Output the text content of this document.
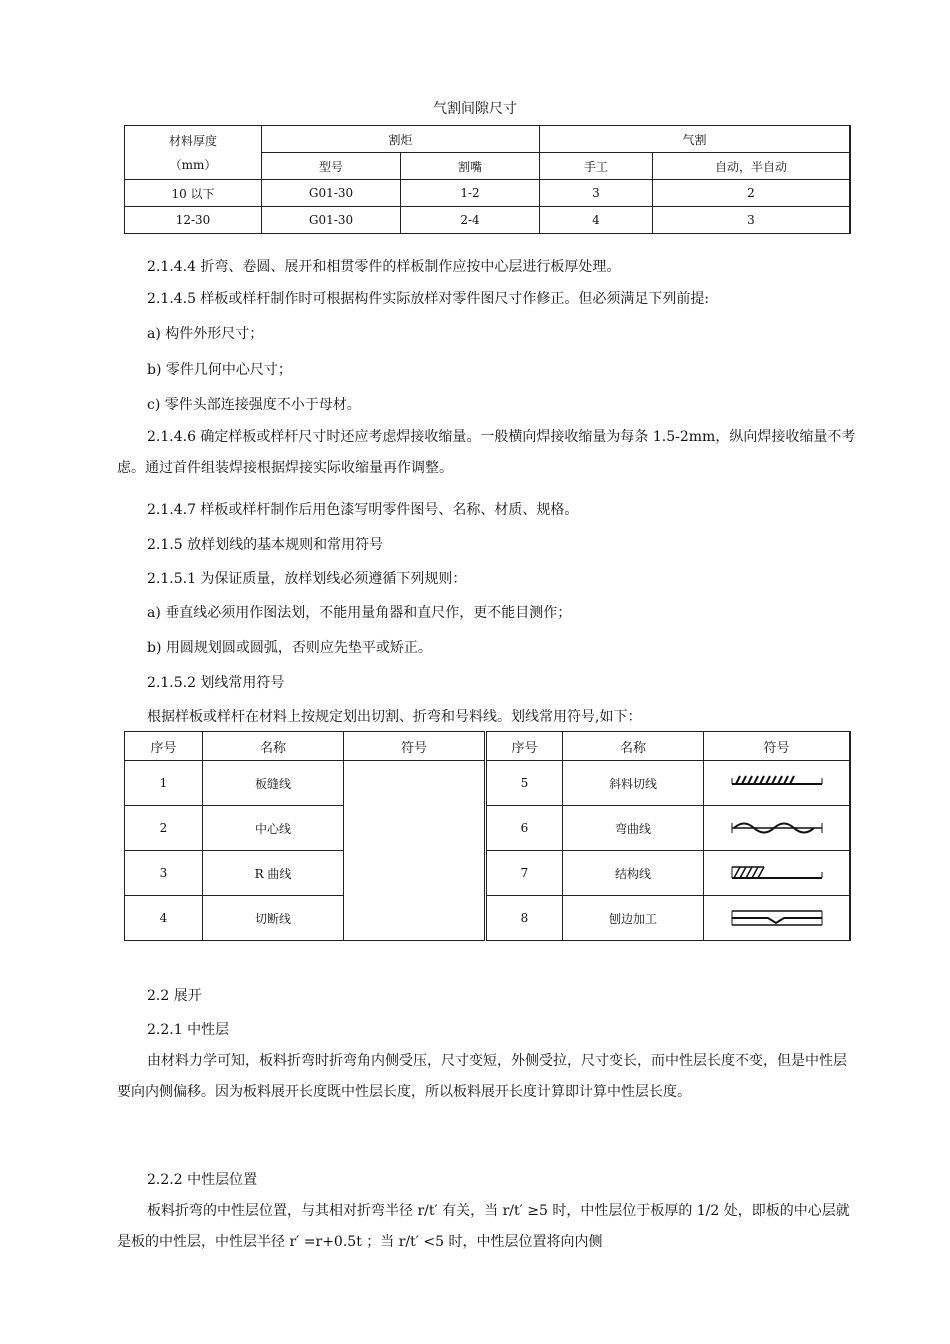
气割间隙尺寸
材料厚度
（mm）	割炬		气割	
	型号	割嘴	手工	自动，半自动
10 以下	G01-30	1-2	3	2
12-30	G01-30	2-4	4	3
2.1.4.4 折弯、卷圆、展开和相贯零件的样板制作应按中心层进行板厚处理。
2.1.4.5 样板或样杆制作时可根据构件实际放样对零件图尺寸作修正。但必须满足下列前提:
a) 构件外形尺寸；
b) 零件几何中心尺寸；
c) 零件头部连接强度不小于母材。
2.1.4.6 确定样板或样杆尺寸时还应考虑焊接收缩量。一般横向焊接收缩量为每条 1.5-2mm，纵向焊接收缩量不考虑。通过首件组装焊接根据焊接实际收缩量再作调整。
2.1.4.7 样板或样杆制作后用色漆写明零件图号、名称、材质、规格。
2.1.5 放样划线的基本规则和常用符号
2.1.5.1 为保证质量，放样划线必须遵循下列规则：
a) 垂直线必须用作图法划，不能用量角器和直尺作，更不能目测作；
b) 用圆规划圆或圆弧，否则应先垫平或矫正。
2.1.5.2 划线常用符号
根据样板或样杆在材料上按规定划出切割、折弯和号料线。划线常用符号,如下：
序号	名称	符号	序号	名称	符号
1	板缝线		5	斜料切线	

2	中心线		6	弯曲线	

3	R 曲线		7	结构线	

4	切断线		8	刨边加工	
2.2 展开
2.2.1 中性层
由材料力学可知，板料折弯时折弯角内侧受压，尺寸变短，外侧受拉，尺寸变长，而中性层长度不变，但是中性层要向内侧偏移。因为板料展开长度既中性层长度，所以板料展开长度计算即计算中性层长度。
2.2.2 中性层位置
板料折弯的中性层位置，与其相对折弯半径 r/t′ 有关，当 r/t′ ≥5 时，中性层位于板厚的 1/2 处，即板的中心层就是板的中性层，中性层半径 r′ =r+0.5t ；当 r/t′ <5 时，中性层位置将向内侧
